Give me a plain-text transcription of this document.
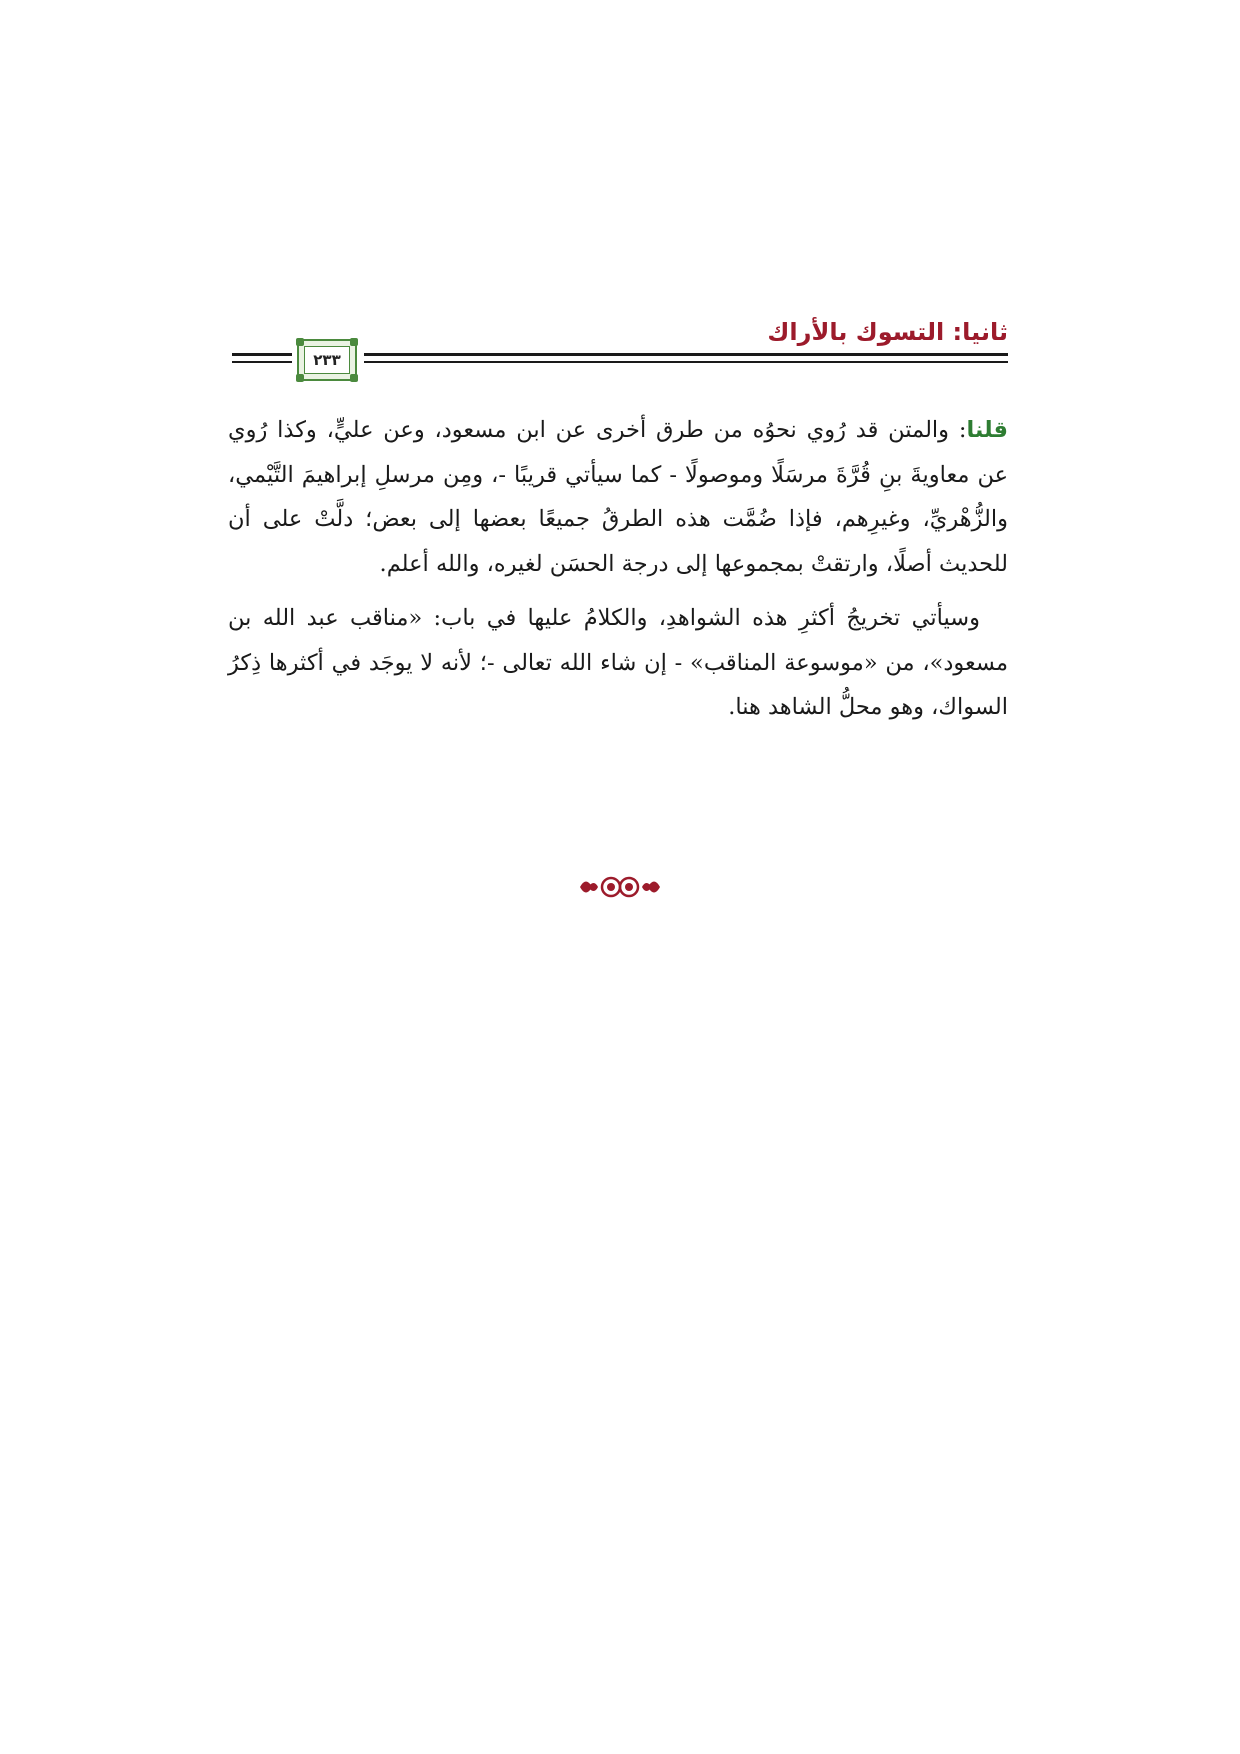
ثانيا: التسوك بالأراك
٢٣٣

قلنا: والمتن قد رُوي نحوُه من طرق أخرى عن ابن مسعود، وعن عليٍّ، وكذا رُوي عن معاويةَ بنِ قُرَّةَ مرسَلًا وموصولًا - كما سيأتي قريبًا -، ومِن مرسلِ إبراهيمَ التَّيْمي، والزُّهْريِّ، وغيرِهم، فإذا ضُمَّت هذه الطرقُ جميعًا بعضها إلى بعض؛ دلَّتْ على أن للحديث أصلًا، وارتقتْ بمجموعها إلى درجة الحسَن لغيره، والله أعلم.

وسيأتي تخريجُ أكثرِ هذه الشواهدِ، والكلامُ عليها في باب: «مناقب عبد الله بن مسعود»، من «موسوعة المناقب» - إن شاء الله تعالى -؛ لأنه لا يوجَد في أكثرها ذِكرُ السواك، وهو محلُّ الشاهد هنا.
